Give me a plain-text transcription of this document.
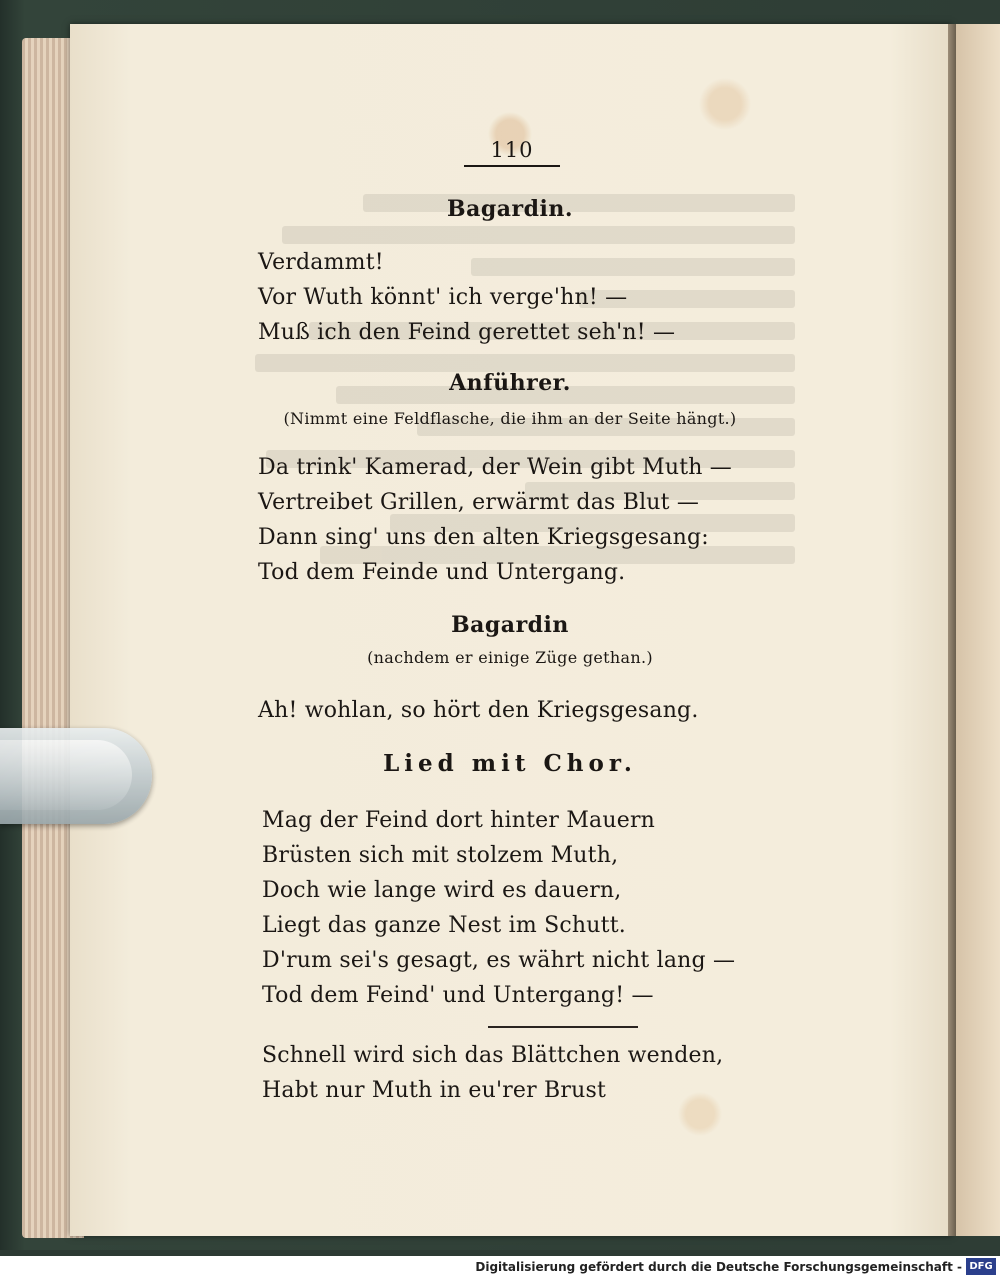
110
Bagardin.
Verdammt!
Vor Wuth könnt' ich verge'hn! —
Muß ich den Feind gerettet seh'n! —
Anführer.
(Nimmt eine Feldflasche, die ihm an der Seite hängt.)
Da trink' Kamerad, der Wein gibt Muth —
Vertreibet Grillen, erwärmt das Blut —
Dann sing' uns den alten Kriegsgesang:
Tod dem Feinde und Untergang.
Bagardin
(nachdem er einige Züge gethan.)
Ah! wohlan, so hört den Kriegsgesang.
Lied mit Chor.
Mag der Feind dort hinter Mauern
Brüsten sich mit stolzem Muth,
Doch wie lange wird es dauern,
Liegt das ganze Nest im Schutt.
D'rum sei's gesagt, es währt nicht lang —
Tod dem Feind' und Untergang! —
Schnell wird sich das Blättchen wenden,
Habt nur Muth in eu'rer Brust
Digitalisierung gefördert durch die Deutsche Forschungsgemeinschaft - DFG
